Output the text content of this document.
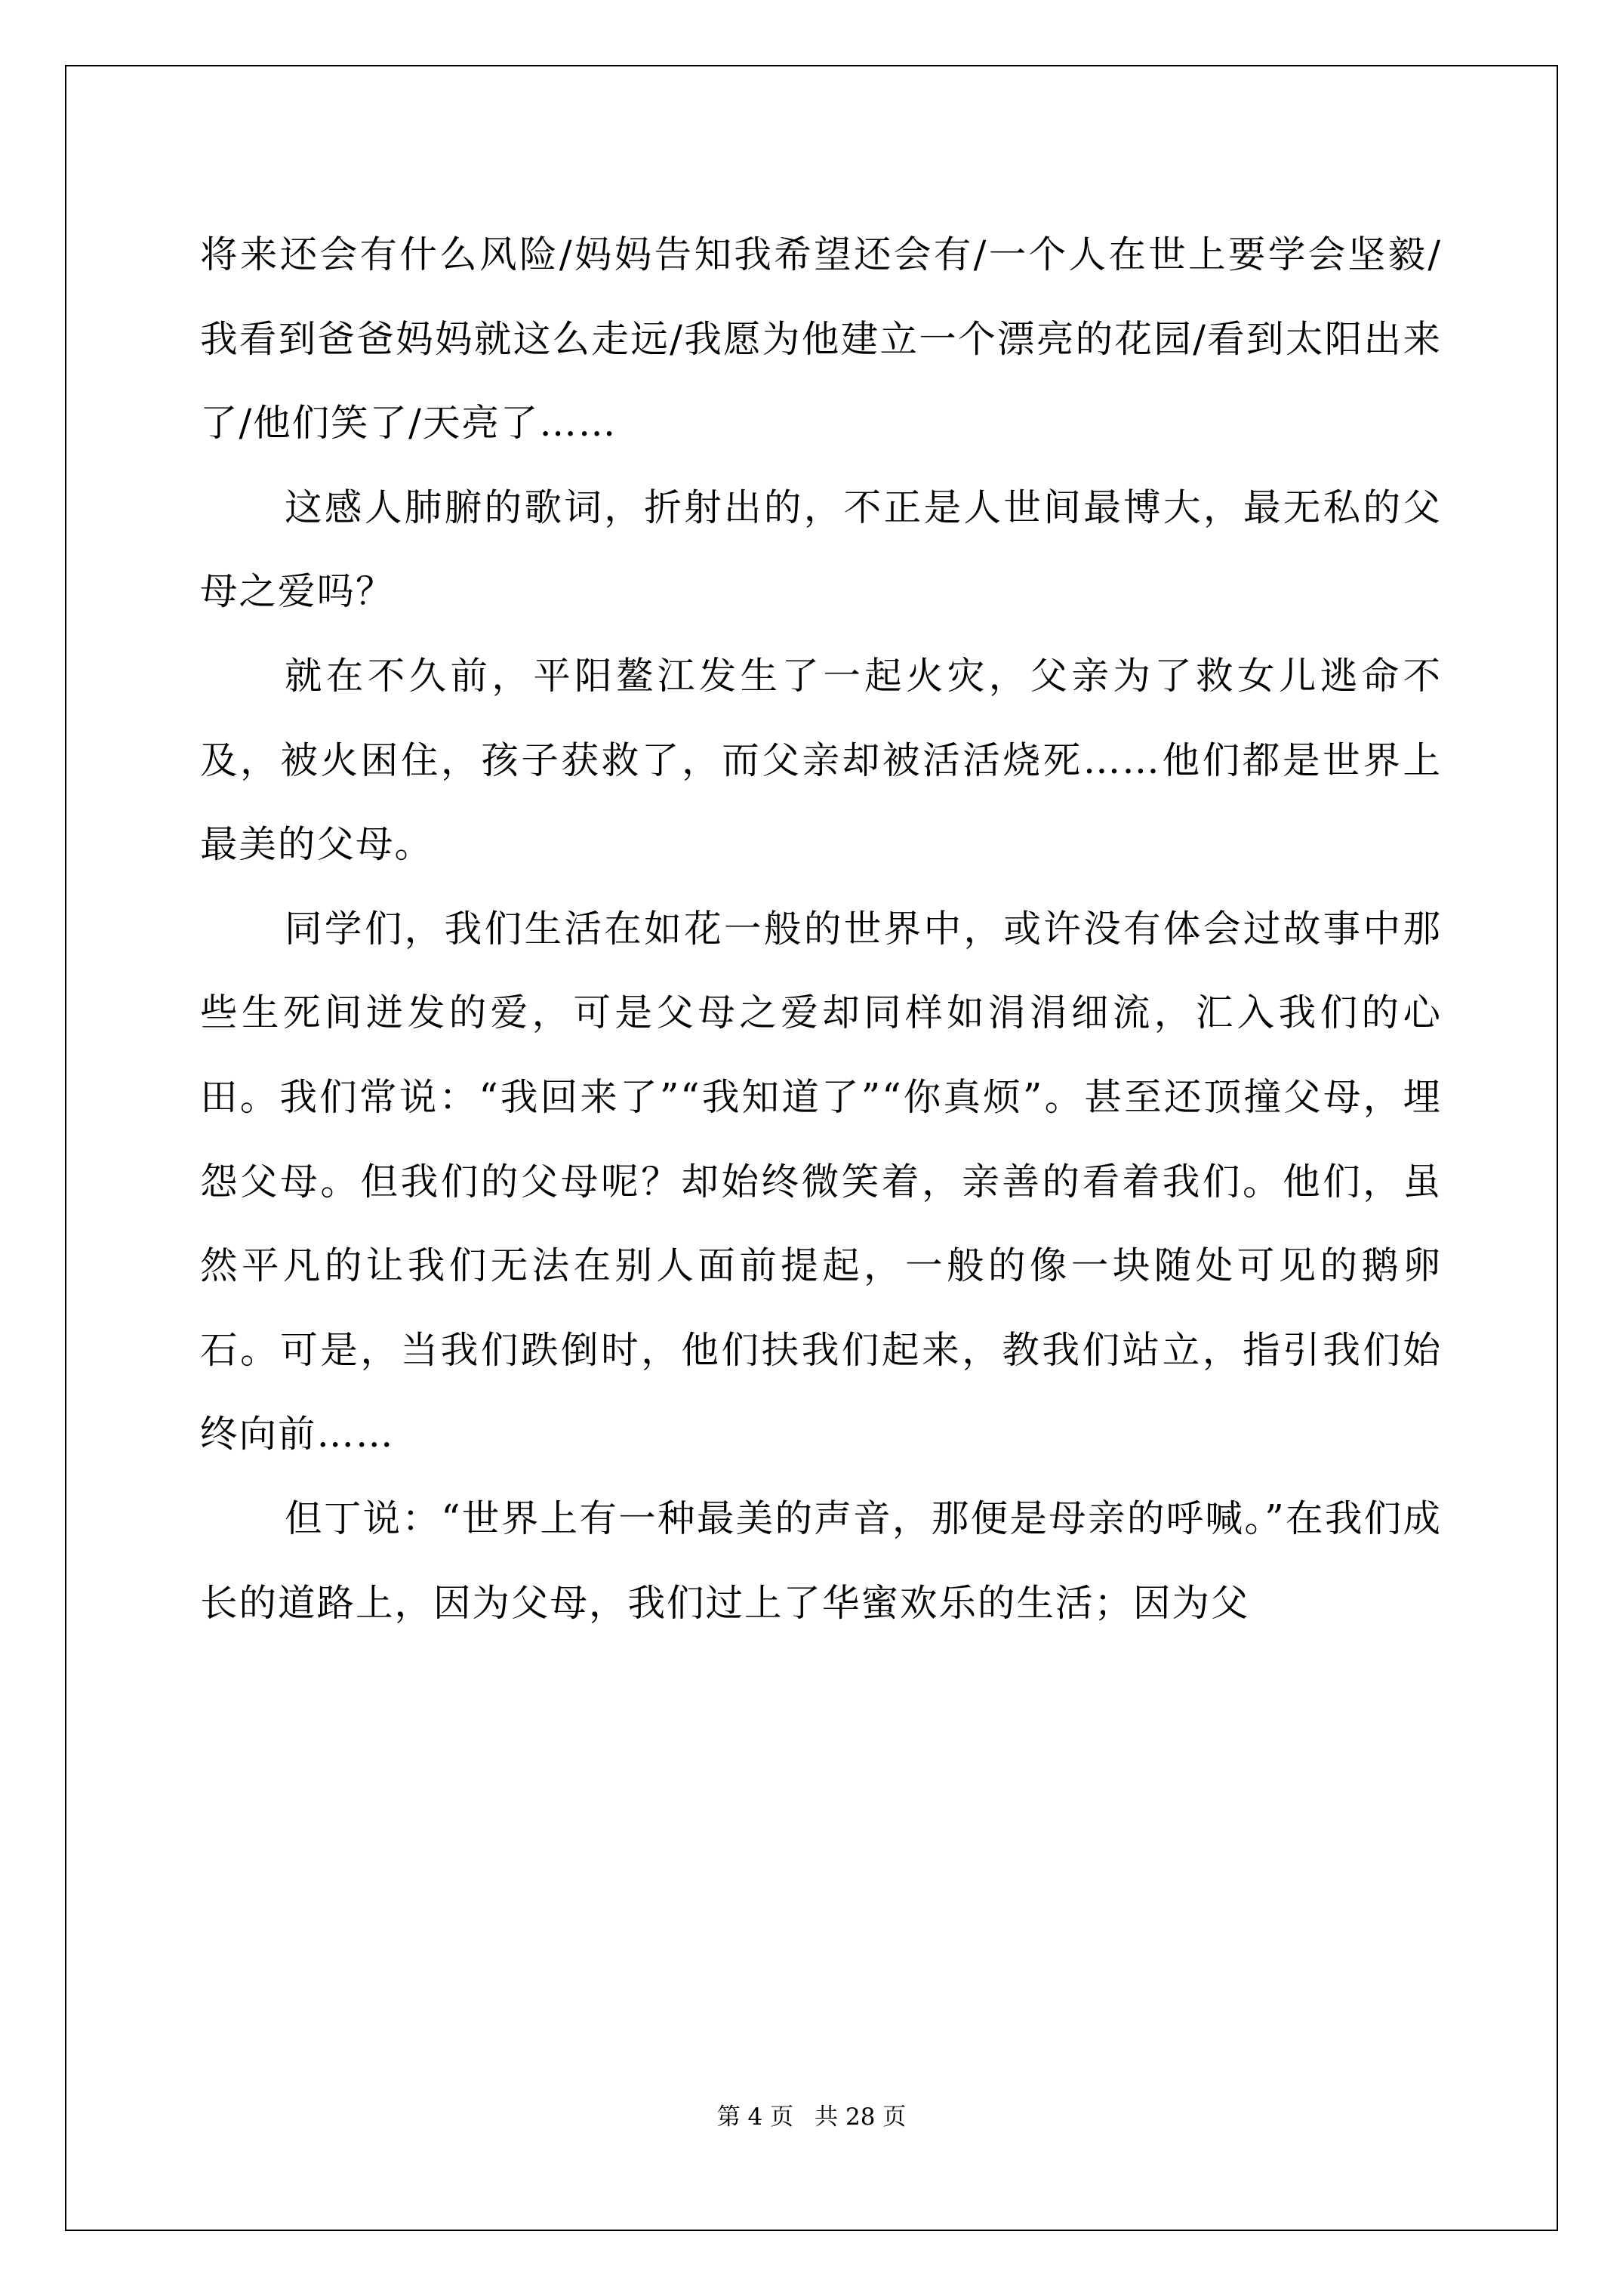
将来还会有什么风险/妈妈告知我希望还会有/一个人在世上要学会坚毅/我看到爸爸妈妈就这么走远/我愿为他建立一个漂亮的花园/看到太阳出来了/他们笑了/天亮了……

这感人肺腑的歌词，折射出的，不正是人世间最博大，最无私的父母之爱吗？

就在不久前，平阳鳌江发生了一起火灾，父亲为了救女儿逃命不及，被火困住，孩子获救了，而父亲却被活活烧死……他们都是世界上最美的父母。

同学们，我们生活在如花一般的世界中，或许没有体会过故事中那些生死间迸发的爱，可是父母之爱却同样如涓涓细流，汇入我们的心田。我们常说：“我回来了”“我知道了”“你真烦”。甚至还顶撞父母，埋怨父母。但我们的父母呢？却始终微笑着，亲善的看着我们。他们，虽然平凡的让我们无法在别人面前提起，一般的像一块随处可见的鹅卵石。可是，当我们跌倒时，他们扶我们起来，教我们站立，指引我们始终向前……

但丁说：“世界上有一种最美的声音，那便是母亲的呼喊。”在我们成长的道路上，因为父母，我们过上了华蜜欢乐的生活；因为父

第 4 页 共 28 页
